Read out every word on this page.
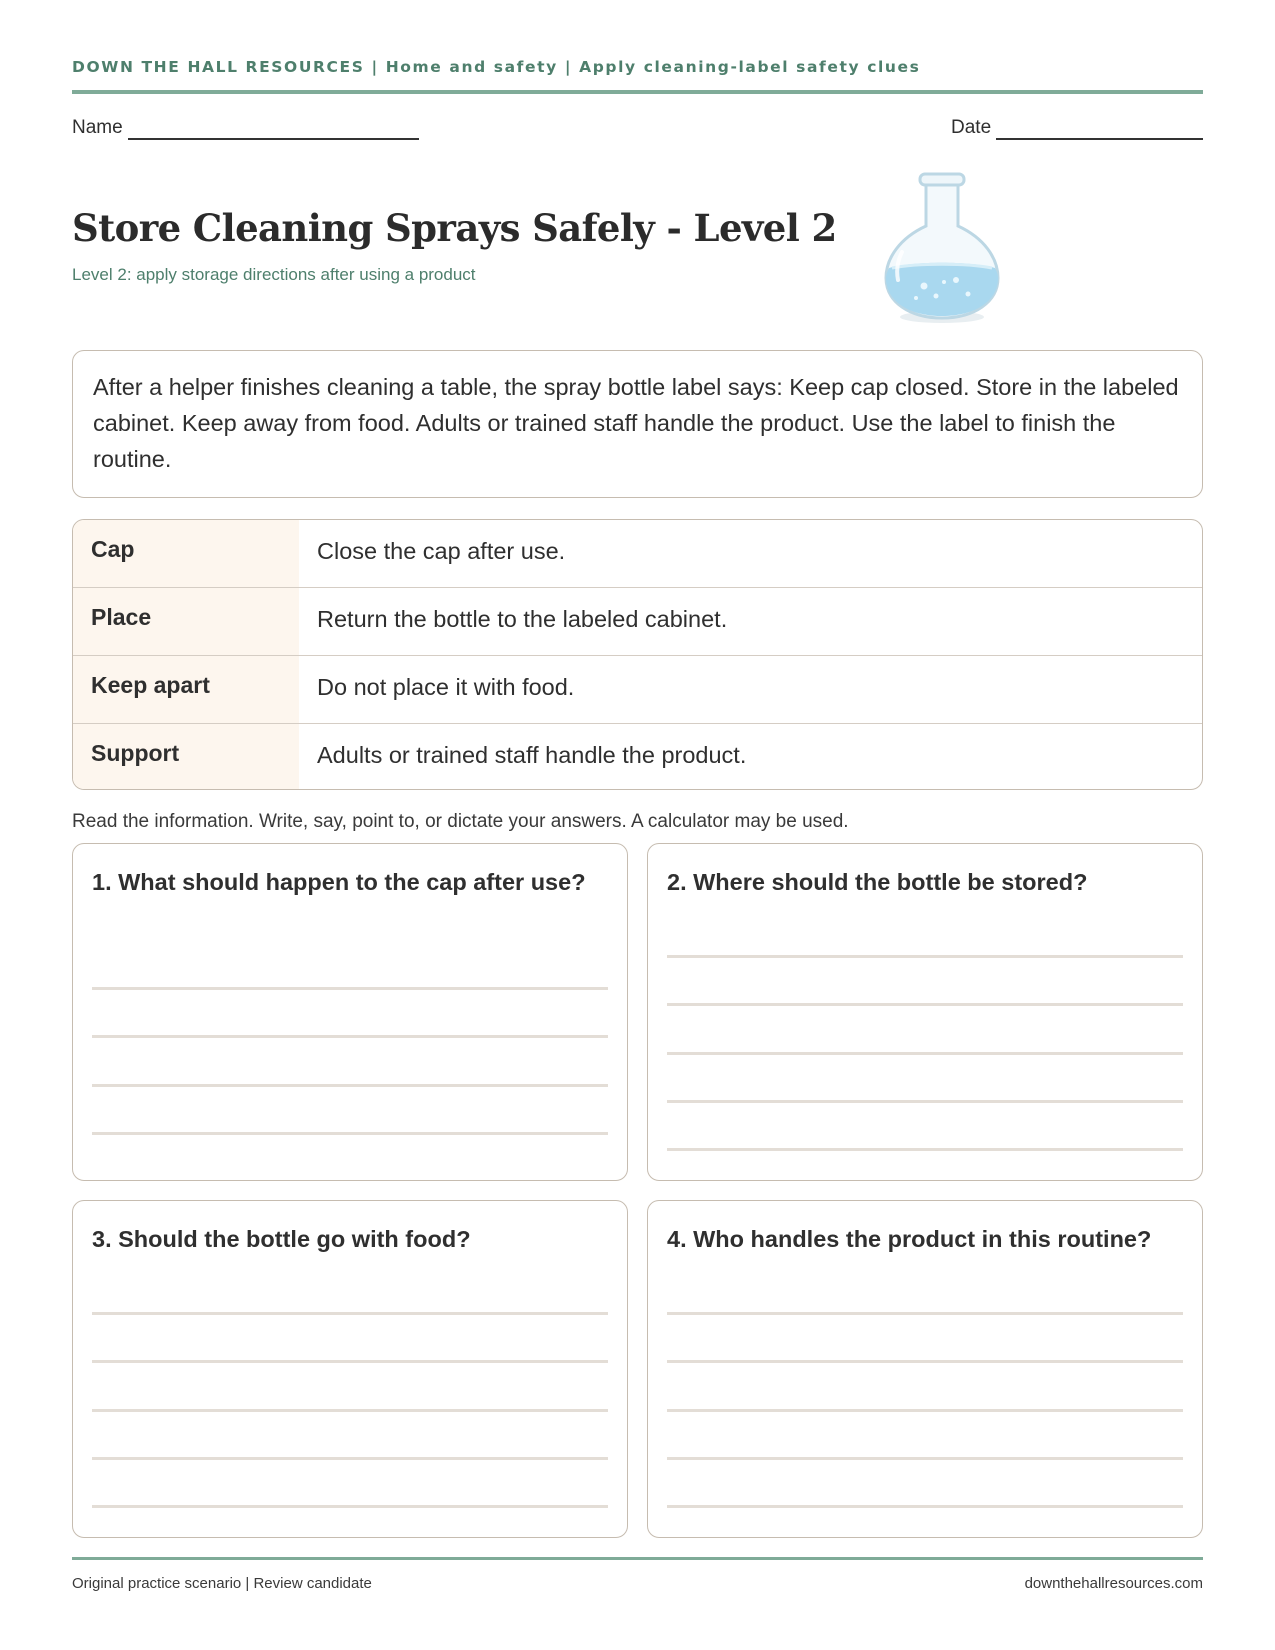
DOWN THE HALL RESOURCES | Home and safety | Apply cleaning-label safety clues
Name	Date
Store Cleaning Sprays Safely - Level 2
Level 2: apply storage directions after using a product
After a helper finishes cleaning a table, the spray bottle label says: Keep cap closed. Store in the labeled cabinet. Keep away from food. Adults or trained staff handle the product. Use the label to finish the routine.
Cap	Close the cap after use.
Place	Return the bottle to the labeled cabinet.
Keep apart	Do not place it with food.
Support	Adults or trained staff handle the product.
Read the information. Write, say, point to, or dictate your answers. A calculator may be used.
1. What should happen to the cap after use?	2. Where should the bottle be stored?
3. Should the bottle go with food?	4. Who handles the product in this routine?
Original practice scenario | Review candidate	downthehallresources.com
